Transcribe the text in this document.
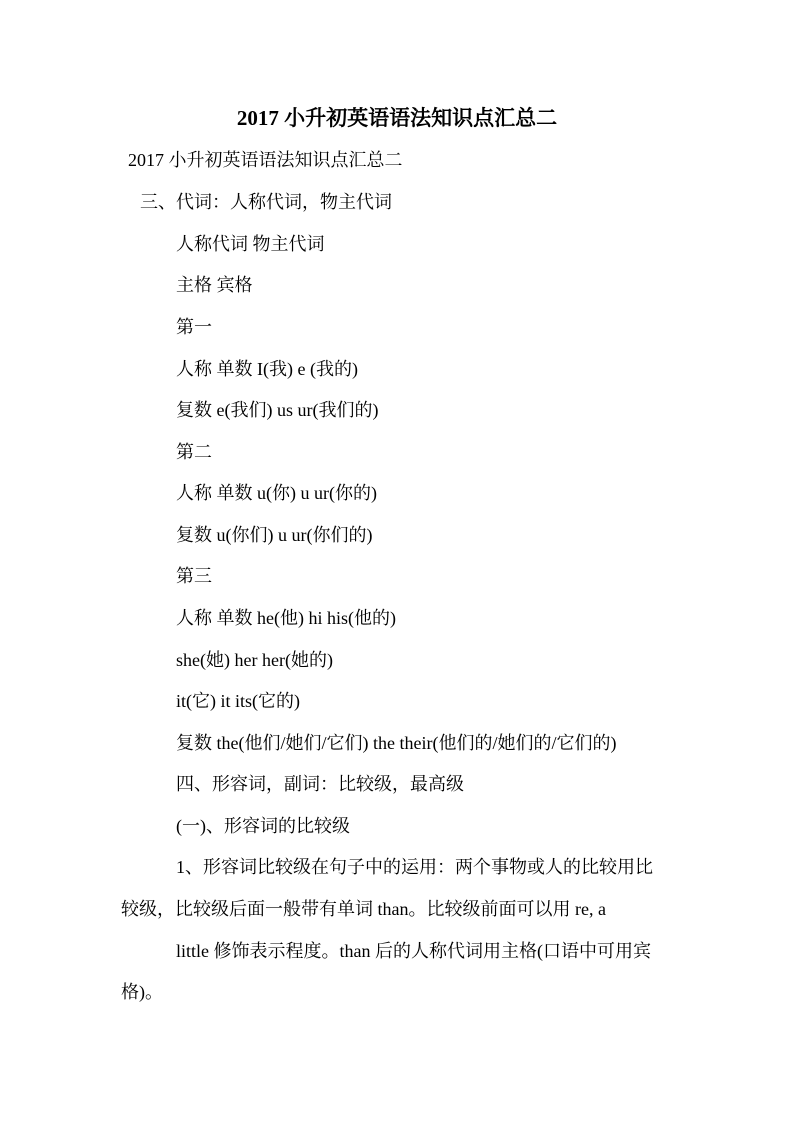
2017 小升初英语语法知识点汇总二
2017 小升初英语语法知识点汇总二
三、代词：人称代词，物主代词
人称代词 物主代词
主格 宾格
第一
人称 单数 I(我) e (我的)
复数 e(我们) us ur(我们的)
第二
人称 单数 u(你) u ur(你的)
复数 u(你们) u ur(你们的)
第三
人称 单数 he(他) hi his(他的)
she(她) her her(她的)
it(它) it its(它的)
复数 the(他们/她们/它们) the their(他们的/她们的/它们的)
四、形容词，副词：比较级，最高级
(一)、形容词的比较级
1、形容词比较级在句子中的运用：两个事物或人的比较用比
较级，比较级后面一般带有单词 than。比较级前面可以用 re, a
little 修饰表示程度。than 后的人称代词用主格(口语中可用宾
格)。
